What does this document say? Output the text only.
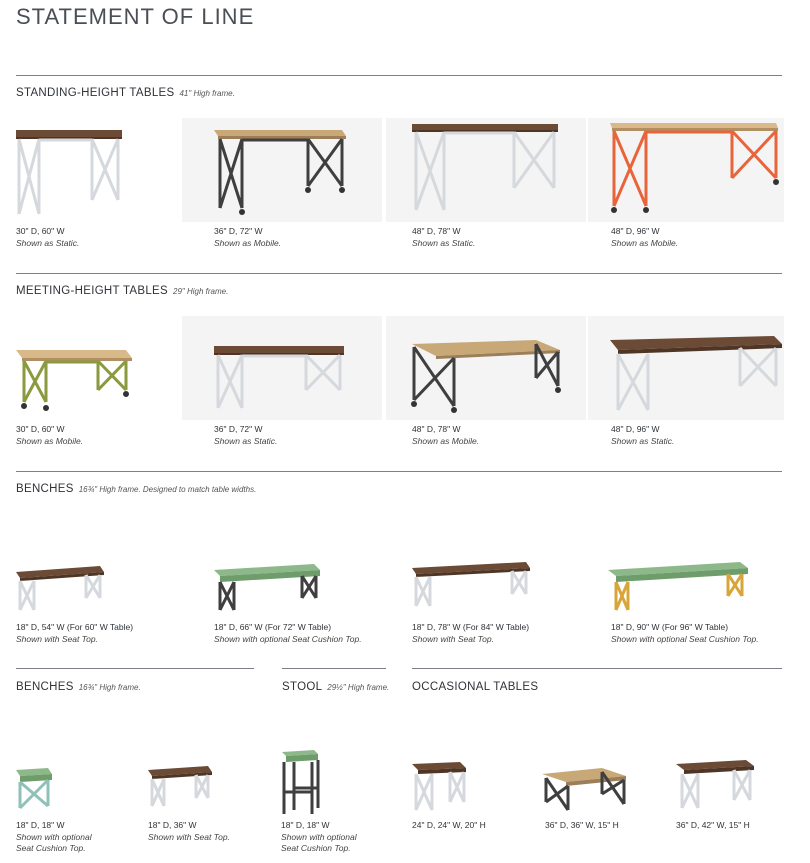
STATEMENT OF LINE
STANDING-HEIGHT TABLES 41" High frame.
30" D, 60" W
Shown as Static.
36" D, 72" W
Shown as Mobile.
48" D, 78" W
Shown as Static.
48" D, 96" W
Shown as Mobile.
MEETING-HEIGHT TABLES 29" High frame.
30" D, 60" W
Shown as Mobile.
36" D, 72" W
Shown as Static.
48" D, 78" W
Shown as Mobile.
48" D, 96" W
Shown as Static.
BENCHES 16¾" High frame. Designed to match table widths.
18" D, 54" W (For 60" W Table)
Shown with Seat Top.
18" D, 66" W (For 72" W Table)
Shown with optional Seat Cushion Top.
18" D, 78" W (For 84" W Table)
Shown with Seat Top.
18" D, 90" W (For 96" W Table)
Shown with optional Seat Cushion Top.
BENCHES 16¾" High frame.	STOOL 29½" High frame. OCCASIONAL TABLES
18" D, 18" W
Shown with optional
Seat Cushion Top.
18" D, 36" W
Shown with Seat Top.
18" D, 18" W
Shown with optional
Seat Cushion Top.
24" D, 24" W, 20" H	36" D, 36" W, 15" H	36" D, 42" W, 15" H
